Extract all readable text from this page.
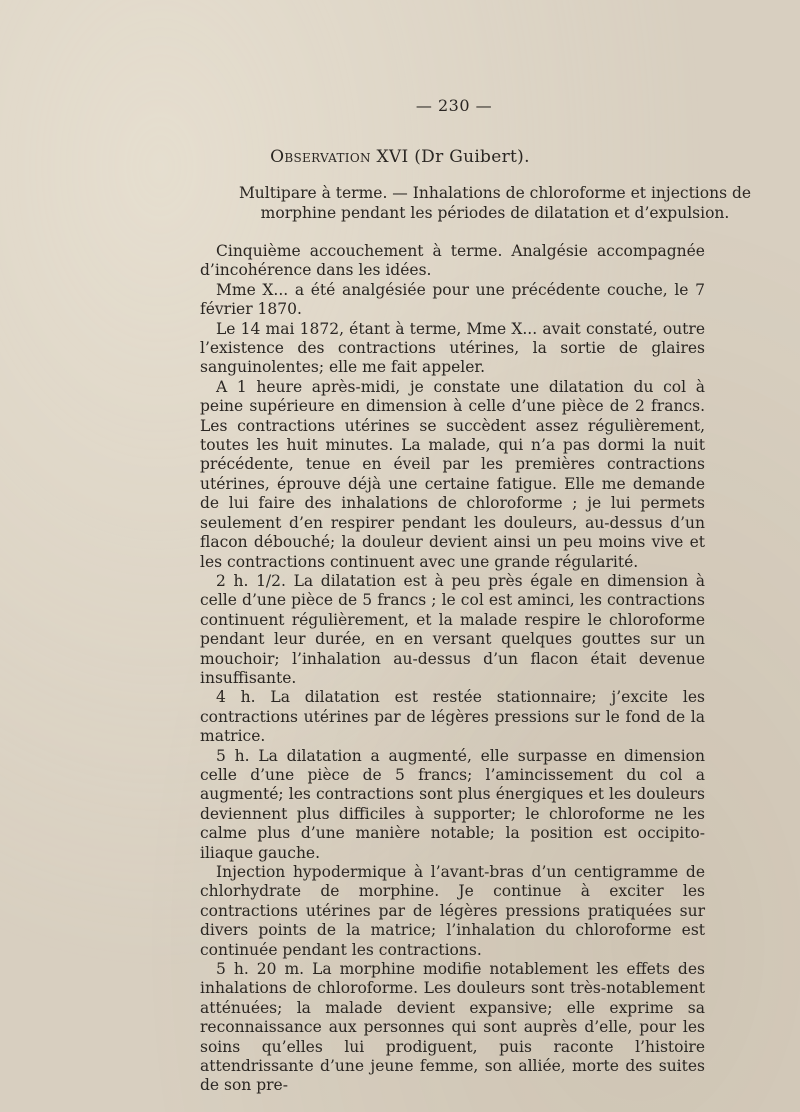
— 230 —
Observation XVI (Dr Guibert).
Multipare à terme. — Inhalations de chloroforme et injections de morphine pendant les périodes de dilatation et d’expulsion.

Cinquième accouchement à terme. Analgésie accompagnée d’incohérence dans les idées.

Mme X... a été analgésiée pour une précédente couche, le 7 février 1870.

Le 14 mai 1872, étant à terme, Mme X... avait constaté, outre l’existence des contractions utérines, la sortie de glaires sanguinolentes; elle me fait appeler.

A 1 heure après-midi, je constate une dilatation du col à peine supérieure en dimension à celle d’une pièce de 2 francs. Les contractions utérines se succèdent assez régulièrement, toutes les huit minutes. La malade, qui n’a pas dormi la nuit précédente, tenue en éveil par les premières contractions utérines, éprouve déjà une certaine fatigue. Elle me demande de lui faire des inhalations de chloroforme ; je lui permets seulement d’en respirer pendant les douleurs, au-dessus d’un flacon débouché; la douleur devient ainsi un peu moins vive et les contractions continuent avec une grande régularité.

2 h. 1/2. La dilatation est à peu près égale en dimension à celle d’une pièce de 5 francs ; le col est aminci, les contractions continuent régulièrement, et la malade respire le chloroforme pendant leur durée, en en versant quelques gouttes sur un mouchoir; l’inhalation au-dessus d’un flacon était devenue insuffisante.

4 h. La dilatation est restée stationnaire; j’excite les contractions utérines par de légères pressions sur le fond de la matrice.

5 h. La dilatation a augmenté, elle surpasse en dimension celle d’une pièce de 5 francs; l’amincissement du col a augmenté; les contractions sont plus énergiques et les douleurs deviennent plus difficiles à supporter; le chloroforme ne les calme plus d’une manière notable; la position est occipito-iliaque gauche.

Injection hypodermique à l’avant-bras d’un centigramme de chlorhydrate de morphine. Je continue à exciter les contractions utérines par de légères pressions pratiquées sur divers points de la matrice; l’inhalation du chloroforme est continuée pendant les contractions.

5 h. 20 m. La morphine modifie notablement les effets des inhalations de chloroforme. Les douleurs sont très-notablement atténuées; la malade devient expansive; elle exprime sa reconnaissance aux personnes qui sont auprès d’elle, pour les soins qu’elles lui prodiguent, puis raconte l’histoire attendrissante d’une jeune femme, son alliée, morte des suites de son pre-
